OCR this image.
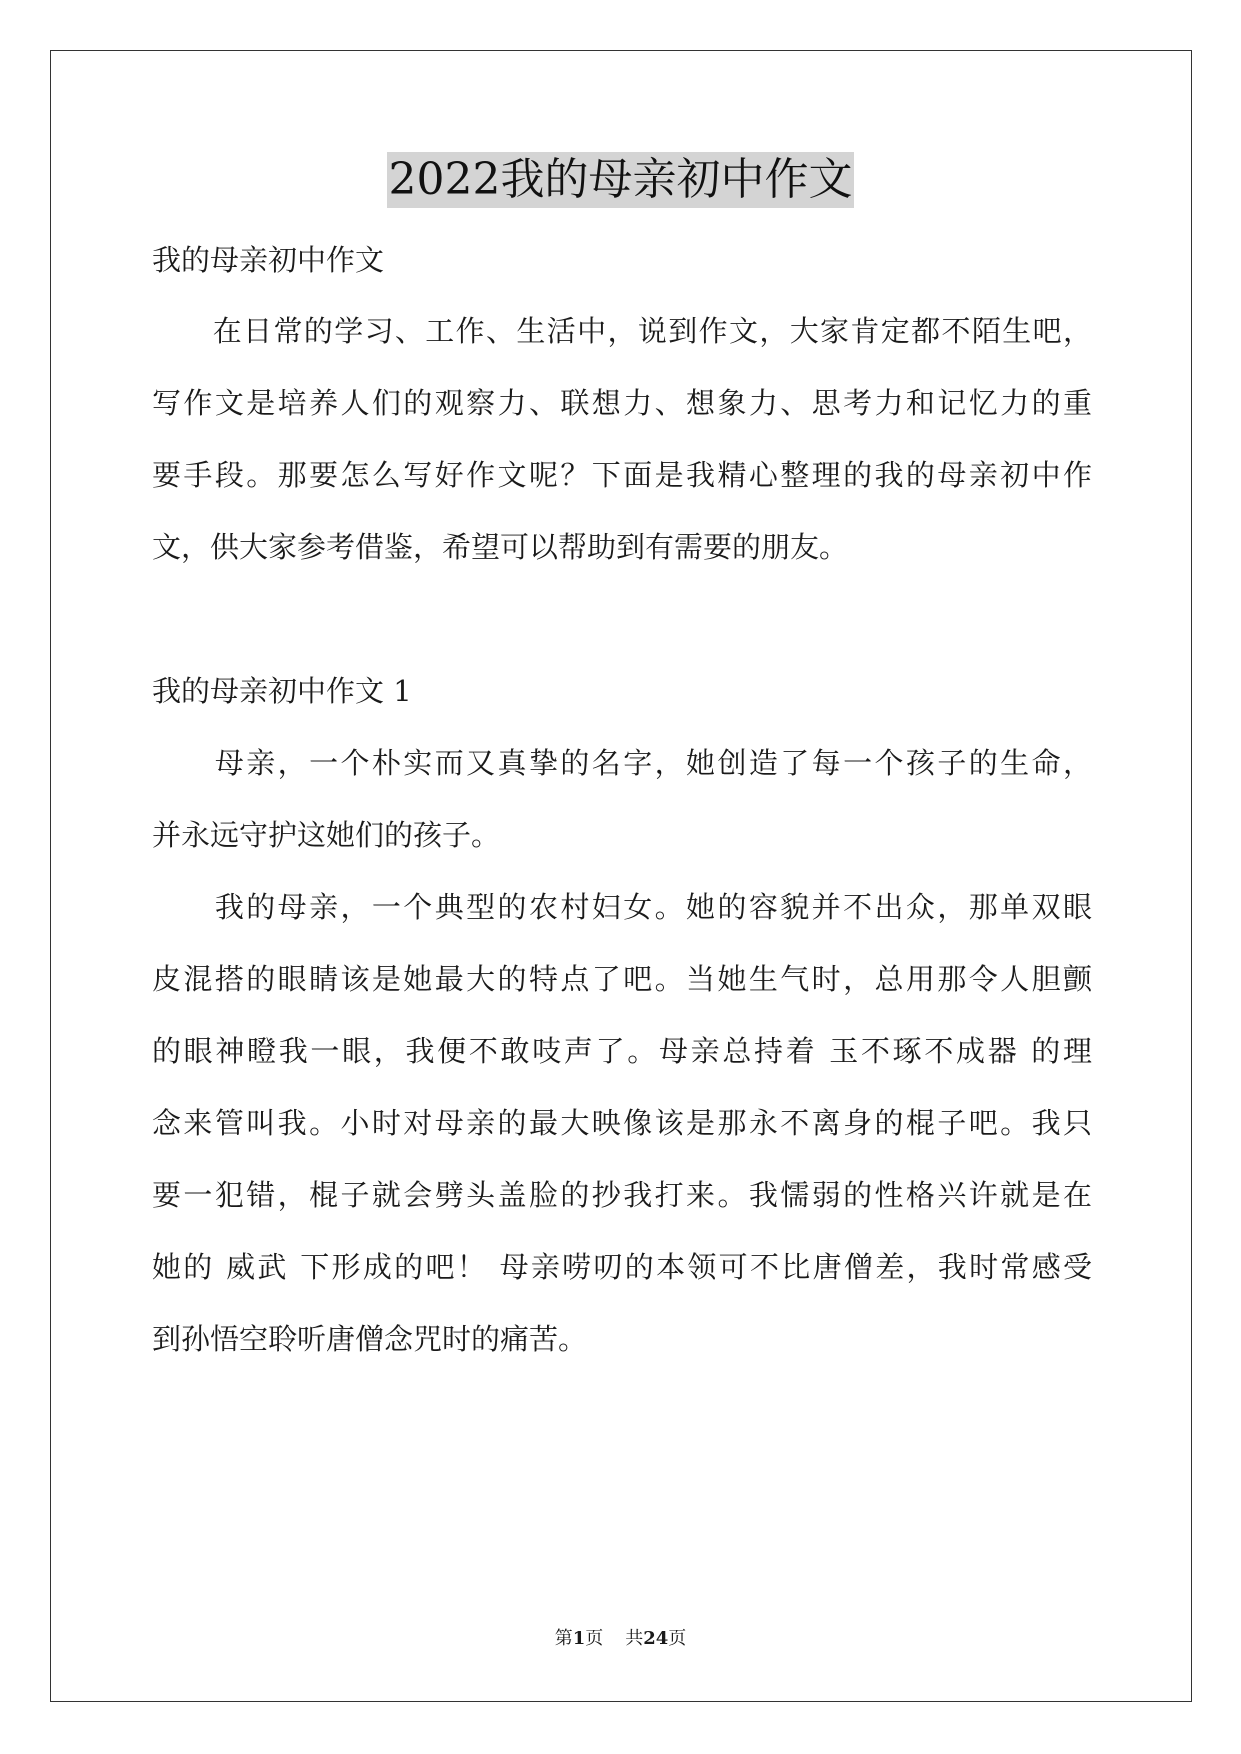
2022我的母亲初中作文
我的母亲初中作文
　　在日常的学习、工作、生活中，说到作文，大家肯定都不陌生吧，
写作文是培养人们的观察力、联想力、想象力、思考力和记忆力的重
要手段。那要怎么写好作文呢？下面是我精心整理的我的母亲初中作
文，供大家参考借鉴，希望可以帮助到有需要的朋友。
我的母亲初中作文 1
　　母亲，一个朴实而又真挚的名字，她创造了每一个孩子的生命，
并永远守护这她们的孩子。
　　我的母亲，一个典型的农村妇女。她的容貌并不出众，那单双眼
皮混搭的眼睛该是她最大的特点了吧。当她生气时，总用那令人胆颤
的眼神瞪我一眼，我便不敢吱声了。母亲总持着 玉不琢不成器 的理
念来管叫我。小时对母亲的最大映像该是那永不离身的棍子吧。我只
要一犯错，棍子就会劈头盖脸的抄我打来。我懦弱的性格兴许就是在
她的 威武 下形成的吧！ 母亲唠叨的本领可不比唐僧差，我时常感受
到孙悟空聆听唐僧念咒时的痛苦。
第1页 共24页
